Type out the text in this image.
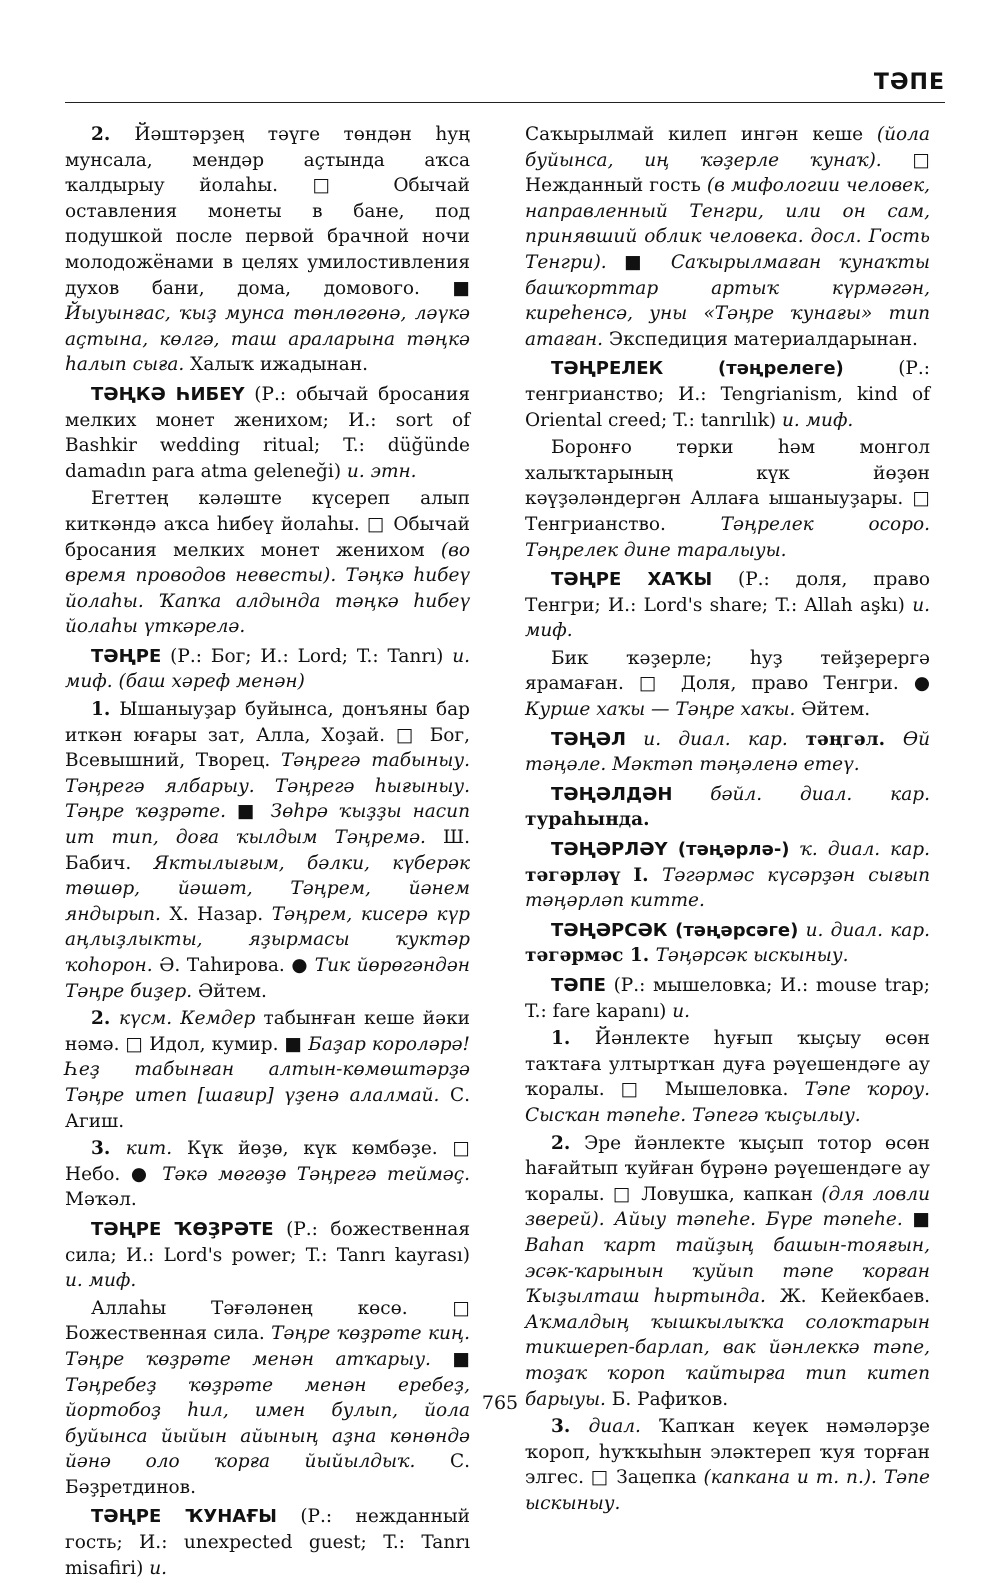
ТӘПЕ

2. Йәштәрҙең тәүге төндән һуң мунсала, мендәр аҫтында аҡса ҡалдырыу йолаһы. □ Обычай оставления монеты в бане, под подушкой после первой брачной ночи молодожёнами в целях умилостивления духов бани, дома, домового. ■ Йыуынғас, ҡыҙ мунса төнлөгөнә, ләүкә аҫтына, көлгә, таш араларына тәңкә һалып сыға. Халыҡ ижадынан.

ТӘҢКӘ ҺИБЕҮ (Р.: обычай бросания мелких монет женихом; И.: sort of Bashkir wedding ritual; T.: düğünde damadın para atma geleneği) и. этн.

Егеттең кәләште күсереп алып киткәндә аҡса һибеү йолаһы. □ Обычай бросания мелких монет женихом (во время проводов невесты). Тәңкә һибеү йолаһы. Ҡапҡа алдында тәңкә һибеү йолаһы үткәрелә.

ТӘҢРЕ (Р.: Бог; И.: Lord; T.: Tanrı) и. миф. (баш хәреф менән)

1. Ышаныуҙар буйынса, донъяны бар иткән юғары зат, Алла, Хоҙай. □ Бог, Всевышний, Творец. Тәңрегә табыныу. Тәңрегә ялбарыу. Тәңрегә һығыныу. Тәңре ҡөҙрәте. ■ Зөһрә ҡыҙҙы насип ит тип, доға ҡылдым Тәңремә. Ш. Бабич. Яктылығым, бәлки, күберәк төшөр, йәшәт, Тәңрем, йәнем яндырып. Х. Назар. Тәңрем, кисерә күр аңлыҙлыкты, яҙырмасы ҡуктәр ҡоһорон. Ә. Таһирова. ● Тик йөрөгәндән Тәңре биҙер. Әйтем.

2. күсм. Кемдер табынған кеше йәки нәмә. □ Идол, кумир. ■ Баҙар короләрә! Һеҙ табынған алтын-көмөштәрҙә Тәңре итеп [шағир] үҙенә алалмай. С. Агиш.

3. кит. Күк йөҙө, күк көмбәҙе. □ Небо. ● Тәкә мөгөҙө Тәңрегә теймәҫ. Мәҡәл.

ТӘҢРЕ ҠӨҘРӘТЕ (Р.: божественная сила; И.: Lord's power; T.: Tanrı kayrası) и. миф.

Аллаһы Тәғәләнең көсө. □ Божественная сила. Тәңре ҡөҙрәте киң. Тәңре ҡөҙрәте менән атҡарыу. ■ Тәңребеҙ ҡөҙрәте менән еребеҙ, йортобоҙ һил, имен булып, йола буйынса йыйын айының аҙна көнөндә йәнә оло ҡорға йыйылдыҡ. С. Бәҙретдинов.

ТӘҢРЕ ҠУНАҒЫ (Р.: нежданный гость; И.: unexpected guest; T.: Tanrı misafiri) и.

Саҡырылмай килеп ингән кеше (йола буйынса, иң ҡәҙерле ҡунаҡ). □ Нежданный гость (в мифологии человек, направленный Тенгри, или он сам, принявший облик человека. досл. Гость Тенгри). ■ Саҡырылмаған ҡунаҡты башҡорттар артыҡ күрмәгән, киреһенсә, уны «Тәңре ҡунағы» тип атаған. Экспедиция материалдарынан.

ТӘҢРЕЛЕК (тәңрелеге) (Р.: тенгрианство; И.: Tengrianism, kind of Oriental creed; T.: tanrılık) и. миф.

Боронғо төрки һәм монгол халыҡтарының күк йөҙөн кәүҙәләндергән Аллаға ышаныуҙары. □ Тенгрианство. Тәңрелек осоро. Тәңрелек дине таралыуы.

ТӘҢРЕ ХАҠЫ (Р.: доля, право Тенгри; И.: Lord's share; T.: Allah aşkı) и. миф.

Бик ҡәҙерле; һуҙ тейҙерергә ярамаған. □ Доля, право Тенгри. ● Курше хаҡы — Тәңре хаҡы. Әйтем.

ТӘҢӘЛ и. диал. кар. тәңгәл. Өй тәңәле. Мәктәп тәңәленә етеү.

ТӘҢӘЛДӘН бәйл. диал. кар. тураһында.

ТӘҢӘРЛӘҮ (тәңәрлә-) ҡ. диал. кар. тәгәрләү I. Тәгәрмәс күсәрҙән сығып тәңәрләп китте.

ТӘҢӘРСӘК (тәңәрсәге) и. диал. кар. тәгәрмәс 1. Тәңәрсәк ыскыныу.

ТӘПЕ (Р.: мышеловка; И.: mouse trap; T.: fare kapanı) и.

1. Йәнлекте һуғып ҡыҫыу өсөн таҡтаға ултыртҡан дуға рәүешендәге ау ҡоралы. □ Мышеловка. Тәпе ҡороу. Сысҡан тәпеһе. Тәпегә ҡыҫылыу.

2. Эре йәнлекте ҡыҫып тотор өсөн һағайтып ҡуйған бүрәнә рәүешендәге ау ҡоралы. □ Ловушка, капкан (для ловли зверей). Айыу тәпеһе. Бүре тәпеһе. ■ Ваһап ҡарт тайҙың башын-тояғын, эсәк-ҡарынын ҡуйып тәпе ҡорған Ҡыҙылташ һыртында. Ж. Кейекбаев. Аҡмалдың ҡышкылыҡҡа солоҡтарын тикшереп-барлап, вак йәнлеккә тәпе, тоҙаҡ ҡороп ҡайтырға тип китеп барыуы. Б. Рафиҡов.

3. диал. Ҡапҡан кеүек нәмәләрҙе ҡороп, һуҡҡыһын эләктереп ҡуя торған элгес. □ Зацепка (капкана и т. п.). Тәпе ыскыныу.

765
